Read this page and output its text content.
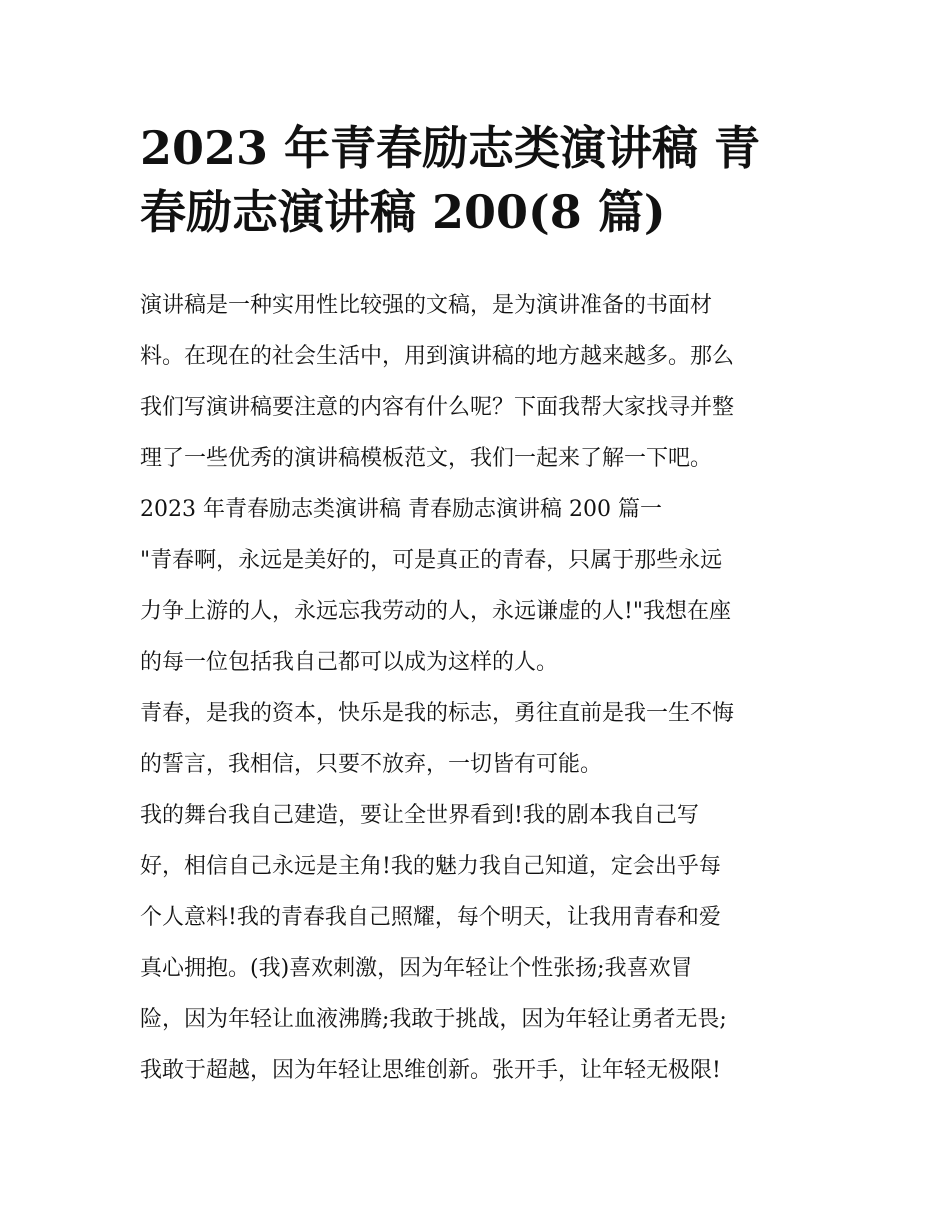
2023 年青春励志类演讲稿 青
春励志演讲稿 200(8 篇)
演讲稿是一种实用性比较强的文稿，是为演讲准备的书面材
料。在现在的社会生活中，用到演讲稿的地方越来越多。那么
我们写演讲稿要注意的内容有什么呢？下面我帮大家找寻并整
理了一些优秀的演讲稿模板范文，我们一起来了解一下吧。
2023 年青春励志类演讲稿 青春励志演讲稿 200 篇一
"青春啊，永远是美好的，可是真正的青春，只属于那些永远
力争上游的人，永远忘我劳动的人，永远谦虚的人!"我想在座
的每一位包括我自己都可以成为这样的人。
青春，是我的资本，快乐是我的标志，勇往直前是我一生不悔
的誓言，我相信，只要不放弃，一切皆有可能。
我的舞台我自己建造，要让全世界看到!我的剧本我自己写
好，相信自己永远是主角!我的魅力我自己知道，定会出乎每
个人意料!我的青春我自己照耀，每个明天，让我用青春和爱
真心拥抱。(我)喜欢刺激，因为年轻让个性张扬;我喜欢冒
险，因为年轻让血液沸腾;我敢于挑战，因为年轻让勇者无畏;
我敢于超越，因为年轻让思维创新。张开手，让年轻无极限!
